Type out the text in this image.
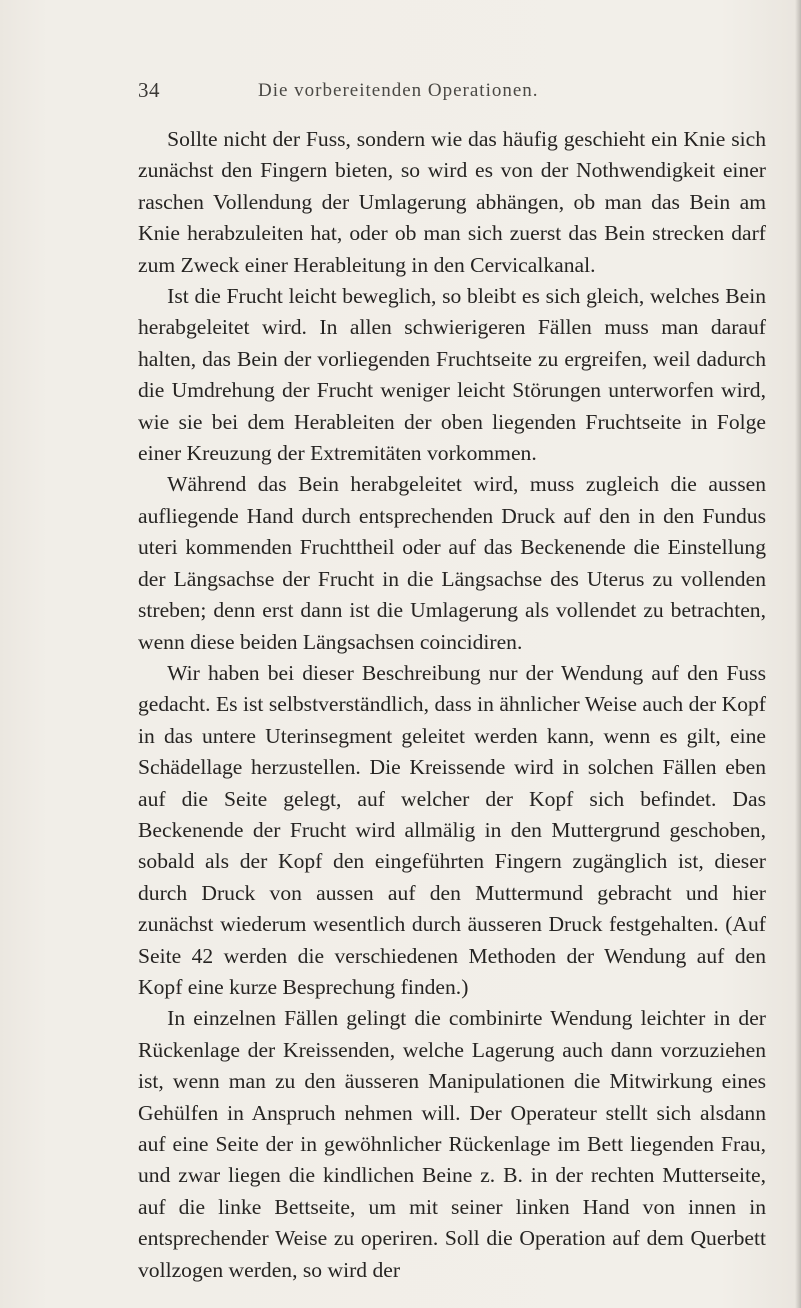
34	Die vorbereitenden Operationen.

Sollte nicht der Fuss, sondern wie das häufig geschieht ein Knie sich zunächst den Fingern bieten, so wird es von der Nothwendigkeit einer raschen Vollendung der Umlagerung abhängen, ob man das Bein am Knie herabzuleiten hat, oder ob man sich zuerst das Bein strecken darf zum Zweck einer Herableitung in den Cervicalkanal.

Ist die Frucht leicht beweglich, so bleibt es sich gleich, welches Bein herabgeleitet wird. In allen schwierigeren Fällen muss man darauf halten, das Bein der vorliegenden Fruchtseite zu ergreifen, weil dadurch die Umdrehung der Frucht weniger leicht Störungen unterworfen wird, wie sie bei dem Herableiten der oben liegenden Fruchtseite in Folge einer Kreuzung der Extremitäten vorkommen.

Während das Bein herabgeleitet wird, muss zugleich die aussen aufliegende Hand durch entsprechenden Druck auf den in den Fundus uteri kommenden Fruchttheil oder auf das Beckenende die Einstellung der Längsachse der Frucht in die Längsachse des Uterus zu vollenden streben; denn erst dann ist die Umlagerung als vollendet zu betrachten, wenn diese beiden Längsachsen coincidiren.

Wir haben bei dieser Beschreibung nur der Wendung auf den Fuss gedacht. Es ist selbstverständlich, dass in ähnlicher Weise auch der Kopf in das untere Uterinsegment geleitet werden kann, wenn es gilt, eine Schädellage herzustellen. Die Kreissende wird in solchen Fällen eben auf die Seite gelegt, auf welcher der Kopf sich befindet. Das Beckenende der Frucht wird allmälig in den Muttergrund geschoben, sobald als der Kopf den eingeführten Fingern zugänglich ist, dieser durch Druck von aussen auf den Muttermund gebracht und hier zunächst wiederum wesentlich durch äusseren Druck festgehalten. (Auf Seite 42 werden die verschiedenen Methoden der Wendung auf den Kopf eine kurze Besprechung finden.)

In einzelnen Fällen gelingt die combinirte Wendung leichter in der Rückenlage der Kreissenden, welche Lagerung auch dann vorzuziehen ist, wenn man zu den äusseren Manipulationen die Mitwirkung eines Gehülfen in Anspruch nehmen will. Der Operateur stellt sich alsdann auf eine Seite der in gewöhnlicher Rückenlage im Bett liegenden Frau, und zwar liegen die kindlichen Beine z. B. in der rechten Mutterseite, auf die linke Bettseite, um mit seiner linken Hand von innen in entsprechender Weise zu operiren. Soll die Operation auf dem Querbett vollzogen werden, so wird der
